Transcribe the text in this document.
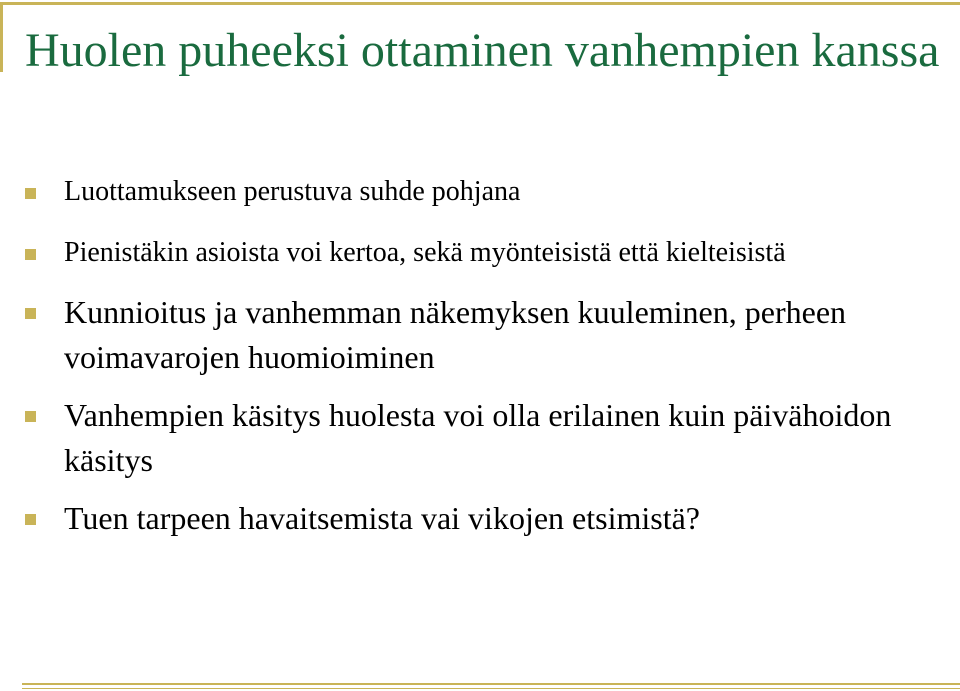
Huolen puheeksi ottaminen vanhempien kanssa
Luottamukseen perustuva suhde pohjana
Pienistäkin asioista voi kertoa, sekä myönteisistä että kielteisistä
Kunnioitus ja vanhemman näkemyksen kuuleminen, perheen voimavarojen huomioiminen
Vanhempien käsitys huolesta voi olla erilainen kuin päivähoidon käsitys
Tuen tarpeen havaitsemista vai vikojen etsimistä?
